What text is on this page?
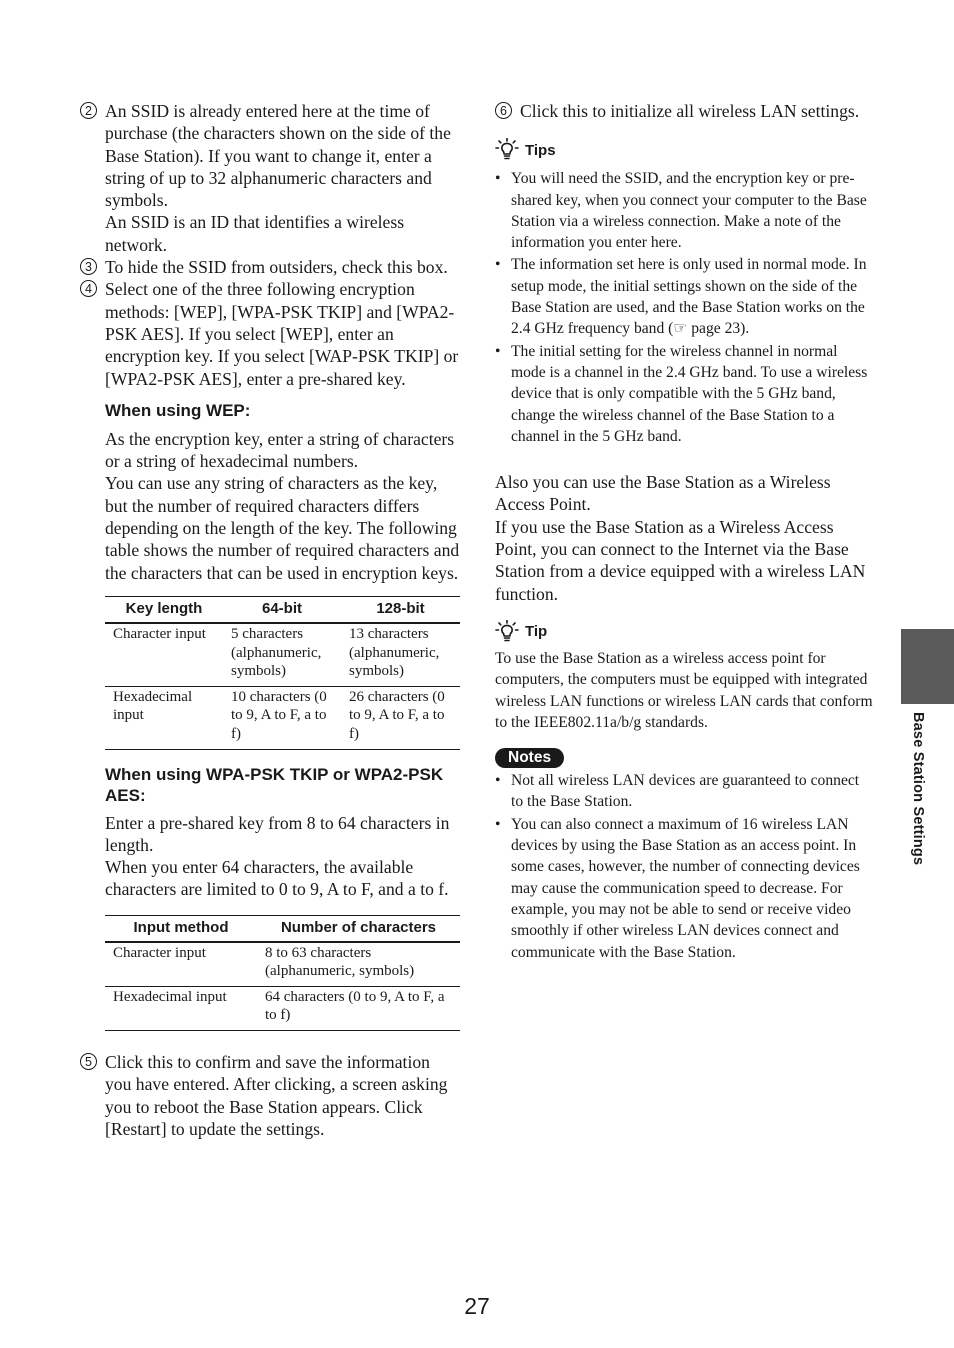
2 An SSID is already entered here at the time of purchase (the characters shown on the side of the Base Station). If you want to change it, enter a string of up to 32 alphanumeric characters and symbols.

An SSID is an ID that identifies a wireless network.

3 To hide the SSID from outsiders, check this box.

4 Select one of the three following encryption methods: [WEP], [WPA-PSK TKIP] and [WPA2-PSK AES]. If you select [WEP], enter an encryption key. If you select [WAP-PSK TKIP] or [WPA2-PSK AES], enter a pre-shared key.

When using WEP:

As the encryption key, enter a string of characters or a string of hexadecimal numbers.

You can use any string of characters as the key, but the number of required characters differs depending on the length of the key. The following table shows the number of required characters and the characters that can be used in encryption keys.

Key length	64-bit	128-bit
Character input	5 characters (alphanumeric, symbols)	13 characters (alphanumeric, symbols)
Hexadecimal input	10 characters (0 to 9, A to F, a to f)	26 characters (0 to 9, A to F, a to f)
When using WPA-PSK TKIP or WPA2-PSK AES:

Enter a pre-shared key from 8 to 64 characters in length.

When you enter 64 characters, the available characters are limited to 0 to 9, A to F, and a to f.

Input method	Number of characters
Character input	8 to 63 characters (alphanumeric, symbols)
Hexadecimal input	64 characters (0 to 9, A to F, a to f)
5 Click this to confirm and save the information you have entered. After clicking, a screen asking you to reboot the Base Station appears. Click [Restart] to update the settings.

6 Click this to initialize all wireless LAN settings.

Tips
• You will need the SSID, and the encryption key or pre-shared key, when you connect your computer to the Base Station via a wireless connection. Make a note of the information you enter here.
• The information set here is only used in normal mode. In setup mode, the initial settings shown on the side of the Base Station are used, and the Base Station works on the 2.4 GHz frequency band (☞ page 23).
• The initial setting for the wireless channel in normal mode is a channel in the 2.4 GHz band. To use a wireless device that is only compatible with the 5 GHz band, change the wireless channel of the Base Station to a channel in the 5 GHz band.

Also you can use the Base Station as a Wireless Access Point.

If you use the Base Station as a Wireless Access Point, you can connect to the Internet via the Base Station from a device equipped with a wireless LAN function.

Tip

To use the Base Station as a wireless access point for computers, the computers must be equipped with integrated wireless LAN functions or wireless LAN cards that conform to the IEEE802.11a/b/g standards.

Notes
• Not all wireless LAN devices are guaranteed to connect to the Base Station.
• You can also connect a maximum of 16 wireless LAN devices by using the Base Station as an access point. In some cases, however, the number of connecting devices may cause the communication speed to decrease. For example, you may not be able to send or receive video smoothly if other wireless LAN devices connect and communicate with the Base Station.
Base Station Settings
27
